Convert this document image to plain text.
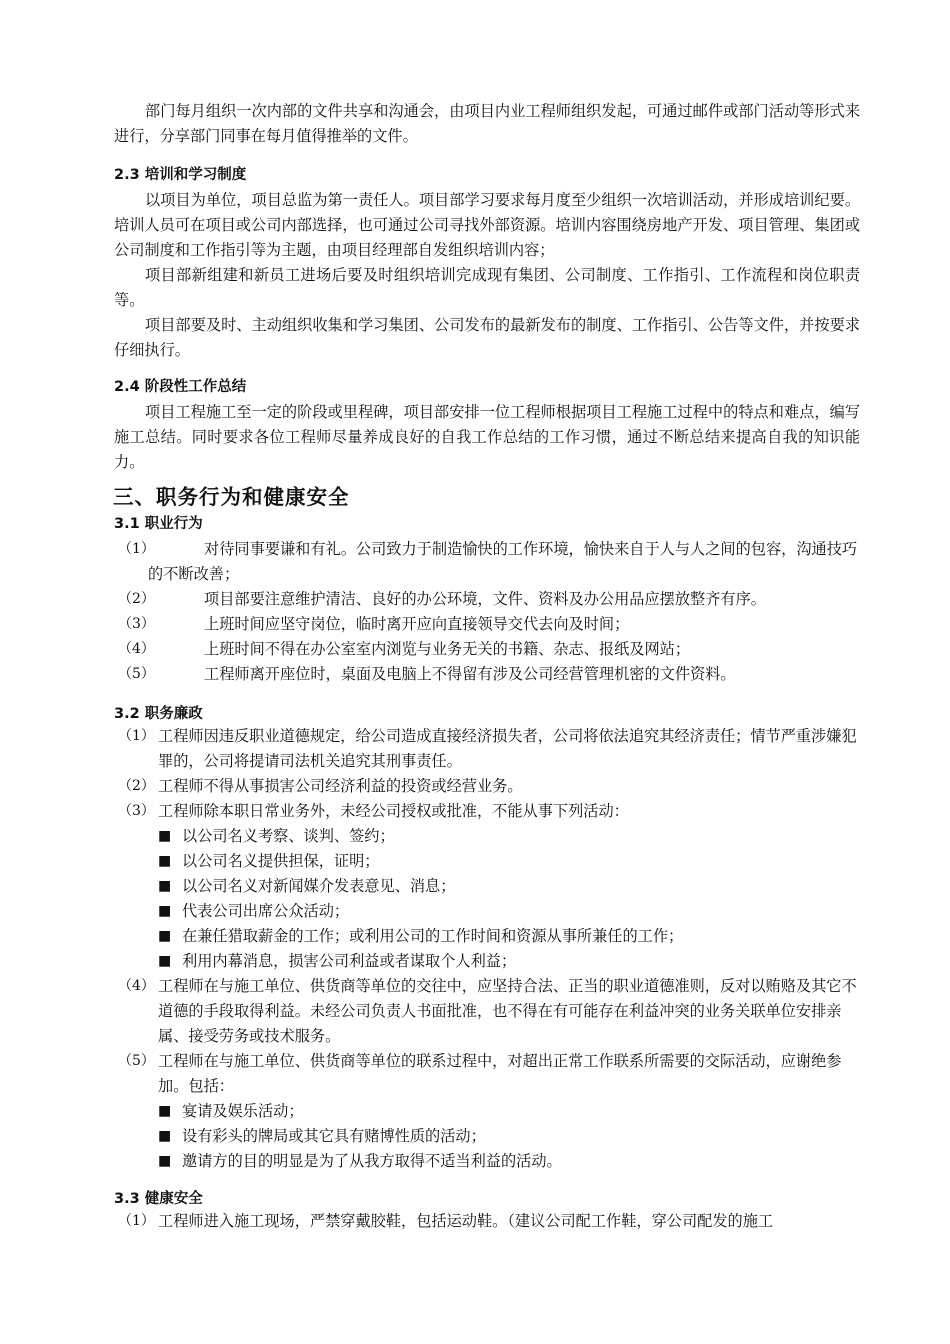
部门每月组织一次内部的文件共享和沟通会，由项目内业工程师组织发起，可通过邮件或部门活动等形式来进行，分享部门同事在每月值得推举的文件。
2.3 培训和学习制度
以项目为单位，项目总监为第一责任人。项目部学习要求每月度至少组织一次培训活动，并形成培训纪要。培训人员可在项目或公司内部选择，也可通过公司寻找外部资源。培训内容围绕房地产开发、项目管理、集团或公司制度和工作指引等为主题，由项目经理部自发组织培训内容；
项目部新组建和新员工进场后要及时组织培训完成现有集团、公司制度、工作指引、工作流程和岗位职责等。
项目部要及时、主动组织收集和学习集团、公司发布的最新发布的制度、工作指引、公告等文件，并按要求仔细执行。
2.4 阶段性工作总结
项目工程施工至一定的阶段或里程碑，项目部安排一位工程师根据项目工程施工过程中的特点和难点，编写施工总结。同时要求各位工程师尽量养成良好的自我工作总结的工作习惯，通过不断总结来提高自我的知识能力。
三、职务行为和健康安全
3.1 职业行为
（1）	对待同事要谦和有礼。公司致力于制造愉快的工作环境，愉快来自于人与人之间的包容，沟通技巧的不断改善；
（2）	项目部要注意维护清洁、良好的办公环境，文件、资料及办公用品应摆放整齐有序。
（3）	上班时间应坚守岗位，临时离开应向直接领导交代去向及时间；
（4）	上班时间不得在办公室室内浏览与业务无关的书籍、杂志、报纸及网站；
（5）	工程师离开座位时，桌面及电脑上不得留有涉及公司经营管理机密的文件资料。
3.2 职务廉政
（1） 工程师因违反职业道德规定，给公司造成直接经济损失者，公司将依法追究其经济责任；情节严重涉嫌犯罪的，公司将提请司法机关追究其刑事责任。
（2） 工程师不得从事损害公司经济利益的投资或经营业务。
（3） 工程师除本职日常业务外，未经公司授权或批准，不能从事下列活动：
■ 以公司名义考察、谈判、签约；
■ 以公司名义提供担保，证明；
■ 以公司名义对新闻媒介发表意见、消息；
■ 代表公司出席公众活动；
■ 在兼任猎取薪金的工作；或利用公司的工作时间和资源从事所兼任的工作；
■ 利用内幕消息，损害公司利益或者谋取个人利益；
（4） 工程师在与施工单位、供货商等单位的交往中，应坚持合法、正当的职业道德准则，反对以贿赂及其它不道德的手段取得利益。未经公司负责人书面批准，也不得在有可能存在利益冲突的业务关联单位安排亲属、接受劳务或技术服务。
（5） 工程师在与施工单位、供货商等单位的联系过程中，对超出正常工作联系所需要的交际活动，应谢绝参加。包括：
■ 宴请及娱乐活动；
■ 设有彩头的牌局或其它具有赌博性质的活动；
■ 邀请方的目的明显是为了从我方取得不适当利益的活动。
3.3 健康安全
（1） 工程师进入施工现场，严禁穿戴胶鞋，包括运动鞋。（建议公司配工作鞋，穿公司配发的施工
